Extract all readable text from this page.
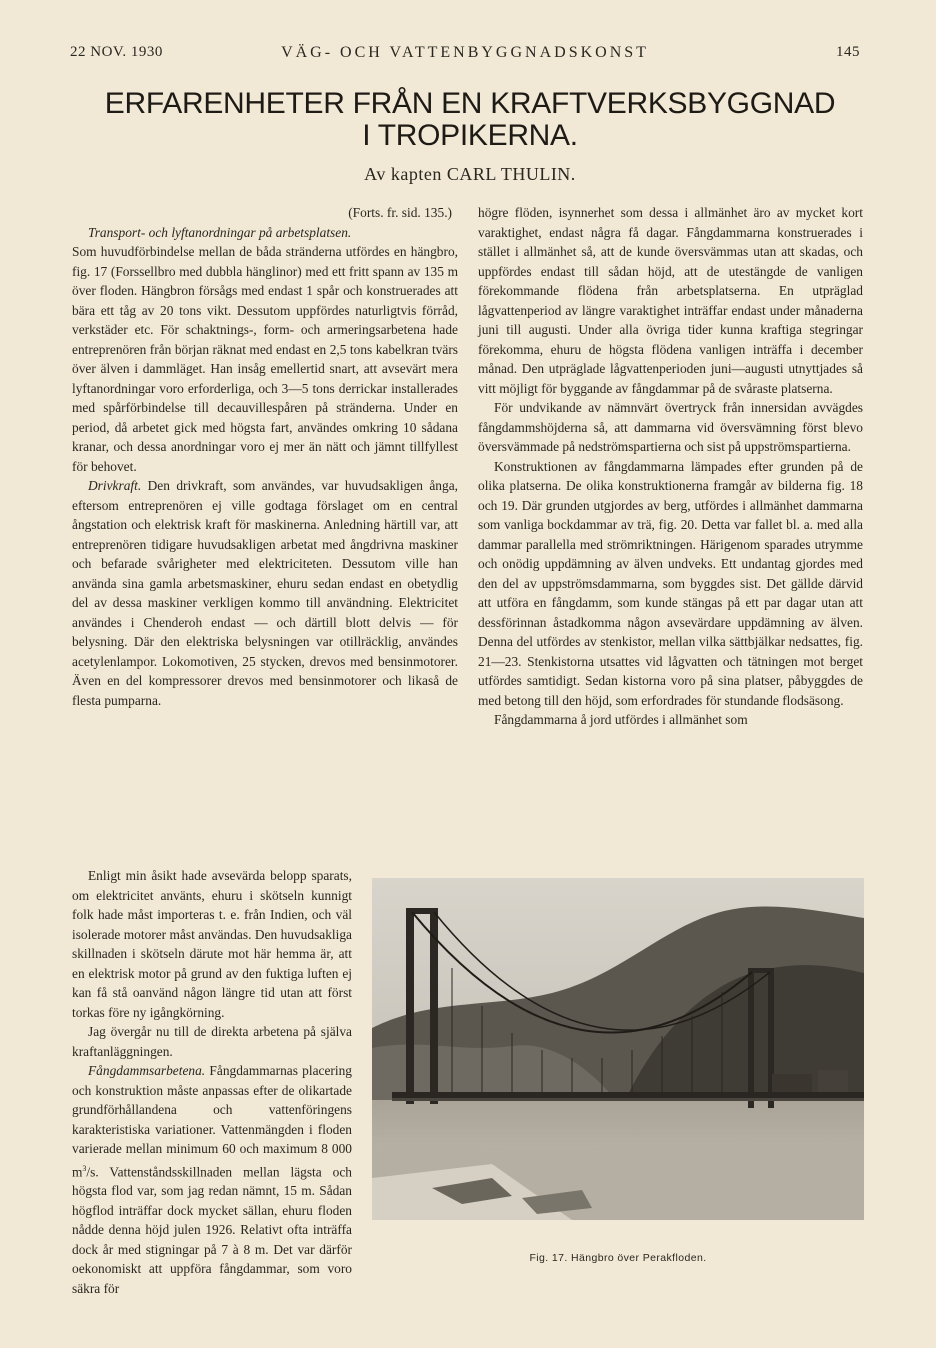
22 NOV. 1930	VÄG- OCH VATTENBYGGNADSKONST	145
ERFARENHETER FRÅN EN KRAFTVERKSBYGGNAD
I TROPIKERNA.
Av kapten CARL THULIN.

(Forts. fr. sid. 135.)

Transport- och lyftanordningar på arbetsplatsen.
Som huvudförbindelse mellan de båda stränderna utfördes en hängbro, fig. 17 (Forssellbro med dubbla hänglinor) med ett fritt spann av 135 m över floden. Hängbron försågs med endast 1 spår och konstruerades att bära ett tåg av 20 tons vikt. Dessutom uppfördes naturligtvis förråd, verkstäder etc. För schaktnings-, form- och armeringsarbetena hade entreprenören från början räknat med endast en 2,5 tons kabelkran tvärs över älven i dammläget. Han insåg emellertid snart, att avsevärt mera lyftanordningar voro erforderliga, och 3—5 tons derrickar installerades med spårförbindelse till decauvillespåren på stränderna. Under en period, då arbetet gick med högsta fart, användes omkring 10 sådana kranar, och dessa anordningar voro ej mer än nätt och jämnt tillfyllest för behovet.

Drivkraft. Den drivkraft, som användes, var huvudsakligen ånga, eftersom entreprenören ej ville godtaga förslaget om en central ångstation och elektrisk kraft för maskinerna. Anledning härtill var, att entreprenören tidigare huvudsakligen arbetat med ångdrivna maskiner och befarade svårigheter med elektriciteten. Dessutom ville han använda sina gamla arbetsmaskiner, ehuru sedan endast en obetydlig del av dessa maskiner verkligen kommo till användning. Elektricitet användes i Chenderoh endast — och därtill blott delvis — för belysning. Där den elektriska belysningen var otillräcklig, användes acetylenlampor. Lokomotiven, 25 stycken, drevos med bensinmotorer. Även en del kompressorer drevos med bensinmotorer och likaså de flesta pumparna.

Enligt min åsikt hade avsevärda belopp sparats, om elektricitet använts, ehuru i skötseln kunnigt folk hade måst importeras t. e. från Indien, och väl isolerade motorer måst användas. Den huvudsakliga skillnaden i skötseln därute mot här hemma är, att en elektrisk motor på grund av den fuktiga luften ej kan få stå oanvänd någon längre tid utan att först torkas före ny igångkörning.

Jag övergår nu till de direkta arbetena på själva kraftanläggningen.

Fångdammsarbetena. Fångdammarnas placering och konstruktion måste anpassas efter de olikartade grundförhållandena och vattenföringens karakteristiska variationer. Vattenmängden i floden varierade mellan minimum 60 och maximum 8 000 $m^3/s$. Vattenståndsskillnaden mellan lägsta och högsta flod var, som jag redan nämnt, 15 m. Sådan högflod inträffar dock mycket sällan, ehuru floden nådde denna höjd julen 1926. Relativt ofta inträffa dock år med stigningar på 7 à 8 m. Det var därför oekonomiskt att uppföra fångdammar, som voro säkra för

högre flöden, isynnerhet som dessa i allmänhet äro av mycket kort varaktighet, endast några få dagar. Fångdammarna konstruerades i stället i allmänhet så, att de kunde översvämmas utan att skadas, och uppfördes endast till sådan höjd, att de utestängde de vanligen förekommande flödena från arbetsplatserna. En utpräglad lågvattenperiod av längre varaktighet inträffar endast under månaderna juni till augusti. Under alla övriga tider kunna kraftiga stegringar förekomma, ehuru de högsta flödena vanligen inträffa i december månad. Den utpräglade lågvattenperioden juni—augusti utnyttjades så vitt möjligt för byggande av fångdammar på de svåraste platserna.

För undvikande av nämnvärt övertryck från innersidan avvägdes fångdammshöjderna så, att dammarna vid översvämning först blevo översvämmade på nedströmspartierna och sist på uppströmspartierna.

Konstruktionen av fångdammarna lämpades efter grunden på de olika platserna. De olika konstruktionerna framgår av bilderna fig. 18 och 19. Där grunden utgjordes av berg, utfördes i allmänhet dammarna som vanliga bockdammar av trä, fig. 20. Detta var fallet bl. a. med alla dammar parallella med strömriktningen. Härigenom sparades utrymme och onödig uppdämning av älven undveks. Ett undantag gjordes med den del av uppströmsdammarna, som byggdes sist. Det gällde därvid att utföra en fångdamm, som kunde stängas på ett par dagar utan att dessförinnan åstadkomma någon avsevärdare uppdämning av älven. Denna del utfördes av stenkistor, mellan vilka sättbjälkar nedsattes, fig. 21—23. Stenkistorna utsattes vid lågvatten och tätningen mot berget utfördes samtidigt. Sedan kistorna voro på sina platser, påbyggdes de med betong till den höjd, som erfordrades för stundande flodsäsong.

Fångdammarna å jord utfördes i allmänhet som

Fig. 17. Hängbro över Perakfloden.
